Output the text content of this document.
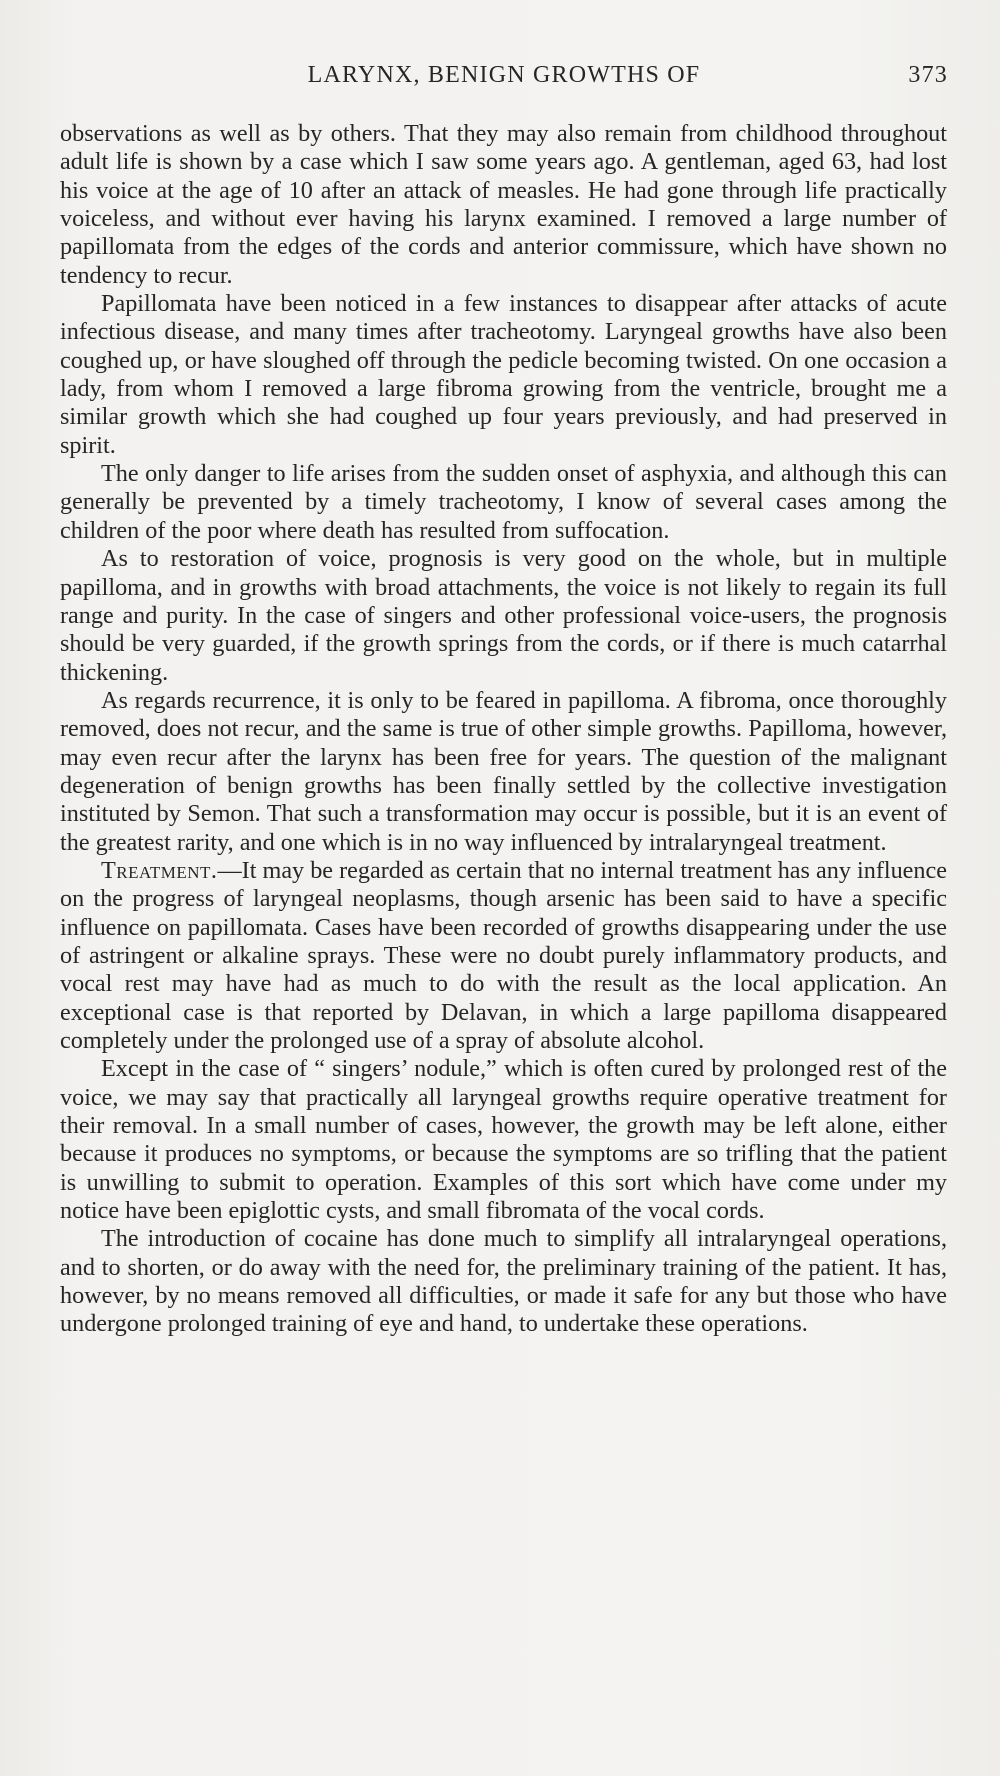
LARYNX, BENIGN GROWTHS OF	373

observations as well as by others. That they may also remain from childhood throughout adult life is shown by a case which I saw some years ago. A gentleman, aged 63, had lost his voice at the age of 10 after an attack of measles. He had gone through life practically voiceless, and without ever having his larynx examined. I removed a large number of papillomata from the edges of the cords and anterior commissure, which have shown no tendency to recur.

Papillomata have been noticed in a few instances to disappear after attacks of acute infectious disease, and many times after tracheotomy. Laryngeal growths have also been coughed up, or have sloughed off through the pedicle becoming twisted. On one occasion a lady, from whom I removed a large fibroma growing from the ventricle, brought me a similar growth which she had coughed up four years previously, and had preserved in spirit.

The only danger to life arises from the sudden onset of asphyxia, and although this can generally be prevented by a timely tracheotomy, I know of several cases among the children of the poor where death has resulted from suffocation.

As to restoration of voice, prognosis is very good on the whole, but in multiple papilloma, and in growths with broad attachments, the voice is not likely to regain its full range and purity. In the case of singers and other professional voice-users, the prognosis should be very guarded, if the growth springs from the cords, or if there is much catarrhal thickening.

As regards recurrence, it is only to be feared in papilloma. A fibroma, once thoroughly removed, does not recur, and the same is true of other simple growths. Papilloma, however, may even recur after the larynx has been free for years. The question of the malignant degeneration of benign growths has been finally settled by the collective investigation instituted by Semon. That such a transformation may occur is possible, but it is an event of the greatest rarity, and one which is in no way influenced by intralaryngeal treatment.

Treatment.—It may be regarded as certain that no internal treatment has any influence on the progress of laryngeal neoplasms, though arsenic has been said to have a specific influence on papillomata. Cases have been recorded of growths disappearing under the use of astringent or alkaline sprays. These were no doubt purely inflammatory products, and vocal rest may have had as much to do with the result as the local application. An exceptional case is that reported by Delavan, in which a large papilloma disappeared completely under the prolonged use of a spray of absolute alcohol.

Except in the case of “ singers’ nodule,” which is often cured by prolonged rest of the voice, we may say that practically all laryngeal growths require operative treatment for their removal. In a small number of cases, however, the growth may be left alone, either because it produces no symptoms, or because the symptoms are so trifling that the patient is unwilling to submit to operation. Examples of this sort which have come under my notice have been epiglottic cysts, and small fibromata of the vocal cords.

The introduction of cocaine has done much to simplify all intralaryngeal operations, and to shorten, or do away with the need for, the preliminary training of the patient. It has, however, by no means removed all difficulties, or made it safe for any but those who have undergone prolonged training of eye and hand, to undertake these operations.
